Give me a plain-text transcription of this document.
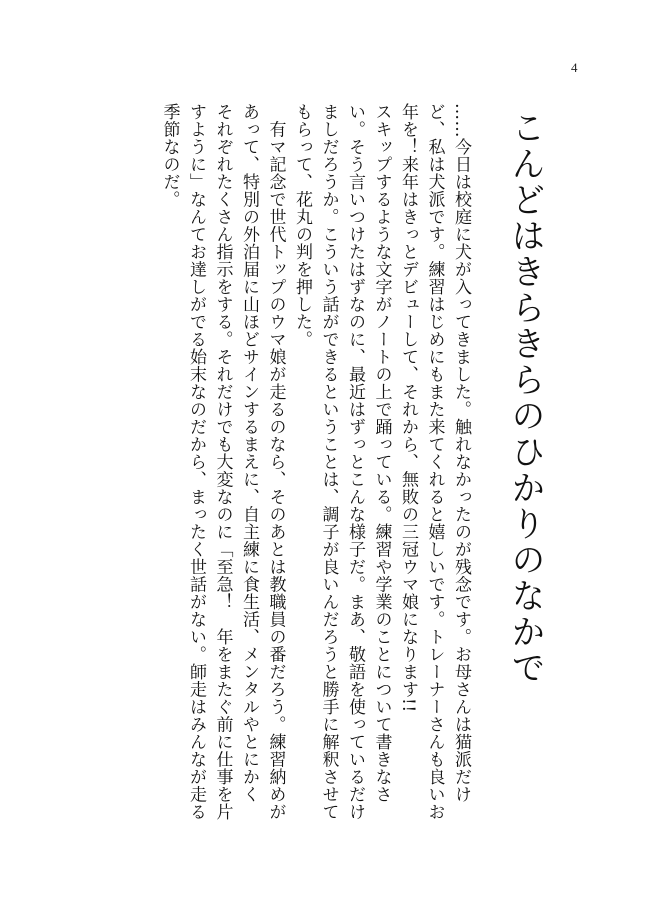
4
こんどはきらきらのひかりのなかで
……今日は校庭に犬が入ってきました。触れなかったのが残念です。お母さんは猫派だけ
ど、私は犬派です。練習はじめにもまた来てくれると嬉しいです。トレーナーさんも良いお
年を！来年はきっとデビューして、それから、無敗の三冠ウマ娘になります!!
スキップするような文字がノートの上で踊っている。練習や学業のことについて書きなさ
い。そう言いつけたはずなのに、最近はずっとこんな様子だ。まあ、敬語を使っているだけ
ましだろうか。こういう話ができるということは、調子が良いんだろうと勝手に解釈させて
もらって、花丸の判を押した。
　有マ記念で世代トップのウマ娘が走るのなら、そのあとは教職員の番だろう。練習納めが
あって、特別の外泊届に山ほどサインするまえに、自主練に食生活、メンタルやとにかく
それぞれたくさん指示をする。それだけでも大変なのに「至急！　年をまたぐ前に仕事を片
すように」なんてお達しがでる始末なのだから、まったく世話がない。師走はみんなが走る
季節なのだ。
